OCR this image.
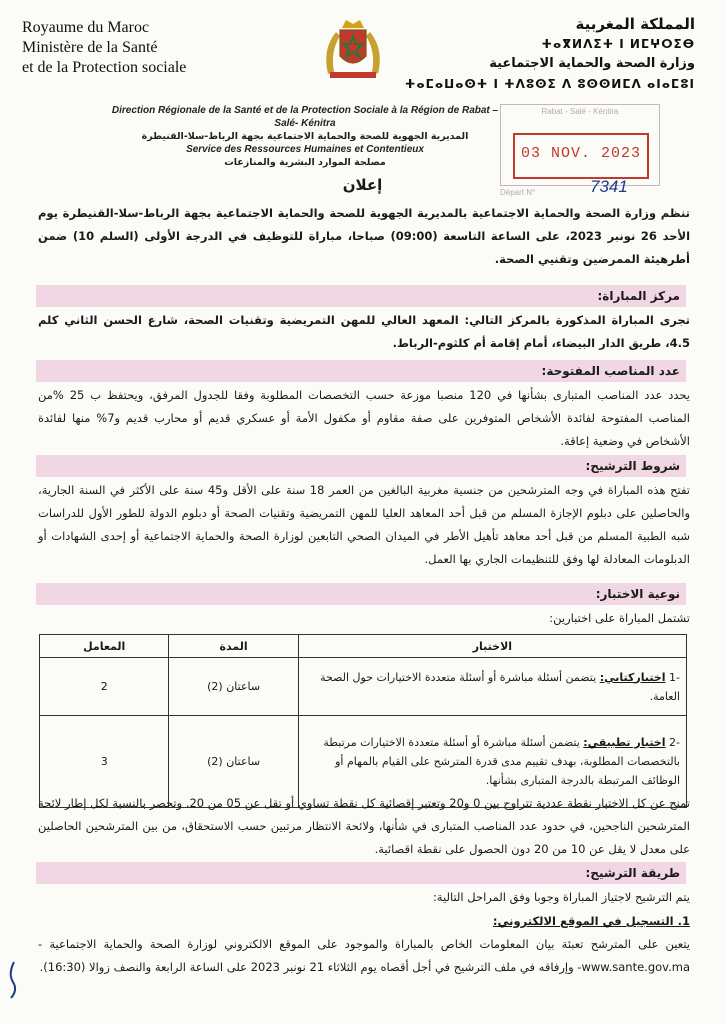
Royaume du Maroc
Ministère de la Santé
et de la Protection sociale
المملكة المغربية
ⵜⴰⴳⵍⴷⵉⵜ ⵏ ⵍⵎⵖⵔⵉⴱ
وزارة الصحة والحماية الاجتماعية
ⵜⴰⵎⴰⵡⴰⵙⵜ ⵏ ⵜⴷⵓⵙⵉ ⴷ ⵓⵙⵙⵍⵎⴷ ⴰⵏⴰⵎⵓⵏ
Direction Régionale de la Santé et de la Protection Sociale à la Région de Rabat –Salé- Kénitra
المديرية الجهوية للصحة والحماية الاجتماعية بجهة الرباط-سلا-القنيطرة
Service des Ressources Humaines et Contentieux
مصلحة الموارد البشرية والمنازعات
Rabat - Salé - Kénitra
03 NOV. 2023
Départ N°	7341
إعلان
تنظم وزارة الصحة والحماية الاجتماعية بالمديرية الجهوية للصحة والحماية الاجتماعية بجهة الرباط-سلا-القنيطرة يوم الأحد 26 نونبر 2023، على الساعة التاسعة (09:00) صباحا، مباراة للتوظيف في الدرجة الأولى (السلم 10) ضمن أطرهيئة الممرضين وتقنيي الصحة.
مركز المباراة:
تجرى المباراة المذكورة بالمركز التالي: المعهد العالي للمهن التمريضية وتقنيات الصحة، شارع الحسن الثاني كلم 4.5، طريق الدار البيضاء، أمام إقامة أم كلثوم-الرباط.
عدد المناصب المفتوحة:
يحدد عدد المناصب المتبارى بشأنها في 120 منصبا موزعة حسب التخصصات المطلوبة وفقا للجدول المرفق، ويحتفظ ب 25 %من المناصب المفتوحة لفائدة الأشخاص المتوفرين على صفة مقاوم أو مكفول الأمة أو عسكري قديم أو محارب قديم و7% منها لفائدة الأشخاص في وضعية إعاقة.
شروط الترشيح:
تفتح هذه المباراة في وجه المترشحين من جنسية مغربية البالغين من العمر 18 سنة على الأقل و45 سنة على الأكثر في السنة الجارية، والحاصلين على دبلوم الإجازة المسلم من قبل أحد المعاهد العليا للمهن التمريضية وتقنيات الصحة أو دبلوم الدولة للطور الأول للدراسات شبه الطبية المسلم من قبل أحد معاهد تأهيل الأطر في الميدان الصحي التابعين لوزارة الصحة والحماية الاجتماعية أو إحدى الشهادات أو الدبلومات المعادلة لها وفق للتنظيمات الجاري بها العمل.
نوعية الاختبار:
تشتمل المباراة على اختبارين:
الاختبار	المدة	المعامل
-1 اختباركتابي: يتضمن أسئلة مباشرة أو أسئلة متعددة الاختيارات حول الصحة العامة.	ساعتان (2)	2
-2 اختبار تطبيقي: يتضمن أسئلة مباشرة أو أسئلة متعددة الاختيارات مرتبطة بالتخصصات المطلوبة، بهدف تقييم مدى قدرة المترشح على القيام بالمهام أو الوظائف المرتبطة بالدرجة المتبارى بشأنها.	ساعتان (2)	3
تمنح عن كل الاختبار نقطة عددية تتراوح بين 0 و20 وتعتبر إقصائية كل نقطة تساوي أو تقل عن 05 من 20. وتحصر بالنسبة لكل إطار لائحة المترشحين الناجحين، في حدود عدد المناصب المتبارى في شأنها، ولائحة الانتظار مرتبين حسب الاستحقاق، من بين المترشحين الحاصلين على معدل لا يقل عن 10 من 20 دون الحصول على نقطة اقصائية.
طريقة الترشيح:
يتم الترشيح لاجتياز المباراة وجوبا وفق المراحل التالية:
1. التسجيل في الموقع الالكتروني:
يتعين على المترشح تعبئة بيان المعلومات الخاص بالمباراة والموجود على الموقع الالكتروني لوزارة الصحة والحماية الاجتماعية -www.sante.gov.ma- وإرفاقه في ملف الترشيح في أجل أقصاه يوم الثلاثاء 21 نونبر 2023 على الساعة الرابعة والنصف زوالا (16:30).
